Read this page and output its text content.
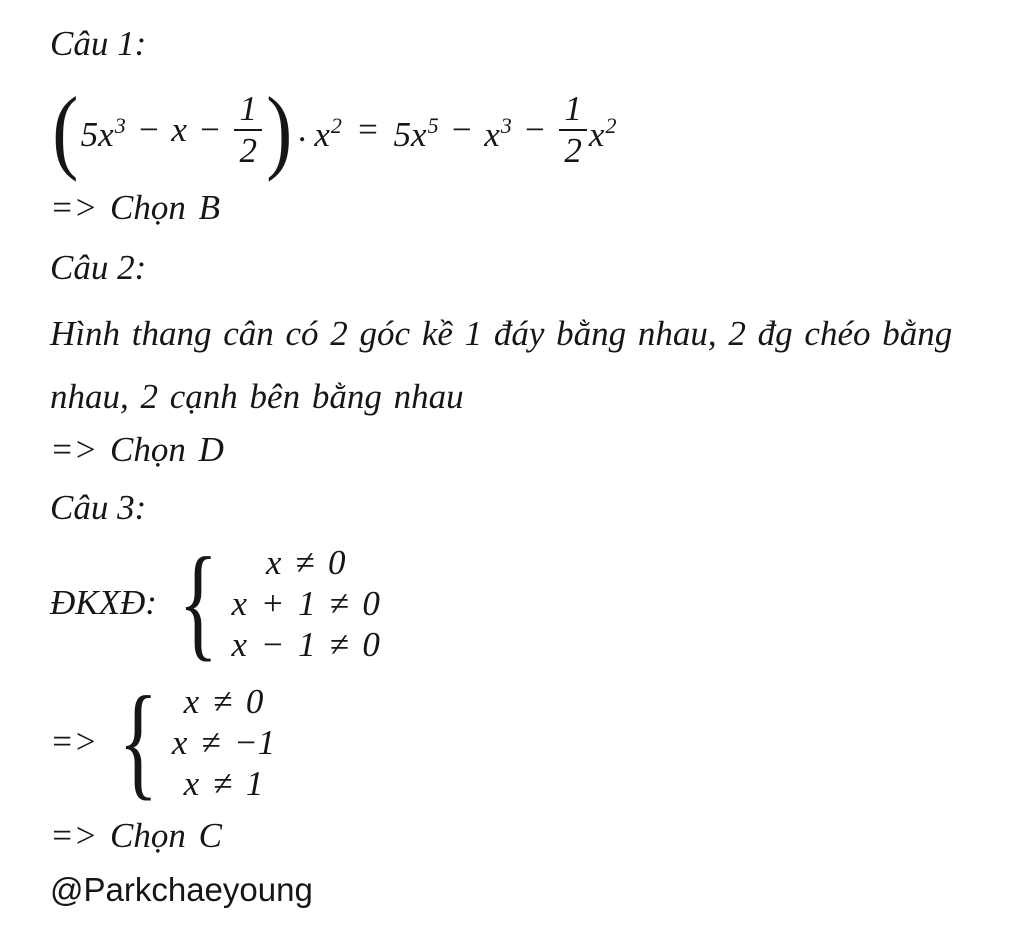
Câu 1:
( $5x^3 - x - \frac{1}{2}$ ) . $x^2 = 5x^5 - x^3 - \frac{1}{2} x^2$
=> Chọn B
Câu 2:
Hình thang cân có 2 góc kề 1 đáy bằng nhau, 2 đg chéo bằng
nhau, 2 cạnh bên bằng nhau
=> Chọn D
Câu 3:
ĐKXĐ: { x ≠ 0
x + 1 ≠ 0
x − 1 ≠ 0
=> { x ≠ 0
x ≠ −1
x ≠ 1
=> Chọn C
@Parkchaeyoung
